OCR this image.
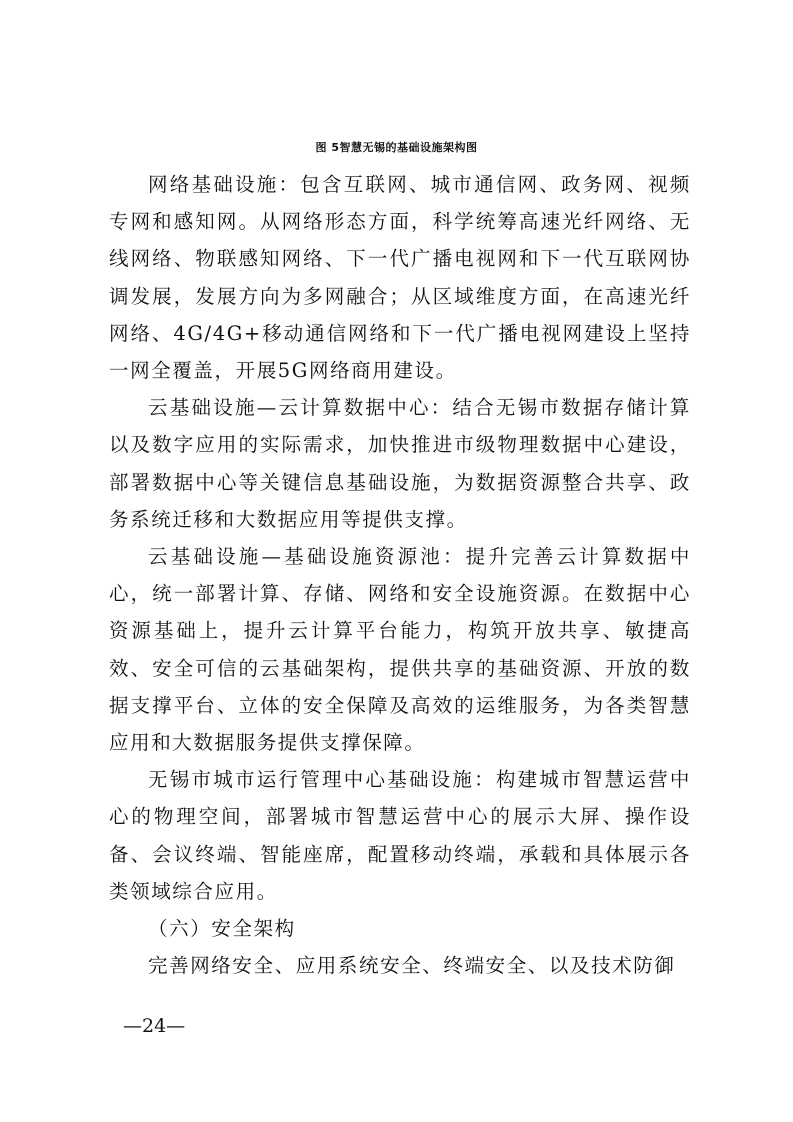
图 5智慧无锡的基础设施架构图

网络基础设施：包含互联网、城市通信网、政务网、视频专网和感知网。从网络形态方面，科学统筹高速光纤网络、无线网络、物联感知网络、下一代广播电视网和下一代互联网协调发展，发展方向为多网融合；从区域维度方面，在高速光纤网络、4G/4G+移动通信网络和下一代广播电视网建设上坚持一网全覆盖，开展5G网络商用建设。

云基础设施—云计算数据中心：结合无锡市数据存储计算以及数字应用的实际需求，加快推进市级物理数据中心建设，部署数据中心等关键信息基础设施，为数据资源整合共享、政务系统迁移和大数据应用等提供支撑。

云基础设施—基础设施资源池：提升完善云计算数据中心，统一部署计算、存储、网络和安全设施资源。在数据中心资源基础上，提升云计算平台能力，构筑开放共享、敏捷高效、安全可信的云基础架构，提供共享的基础资源、开放的数据支撑平台、立体的安全保障及高效的运维服务，为各类智慧应用和大数据服务提供支撑保障。

无锡市城市运行管理中心基础设施：构建城市智慧运营中心的物理空间，部署城市智慧运营中心的展示大屏、操作设备、会议终端、智能座席，配置移动终端，承载和具体展示各类领域综合应用。

（六）安全架构

完善网络安全、应用系统安全、终端安全、以及技术防御

—24—
